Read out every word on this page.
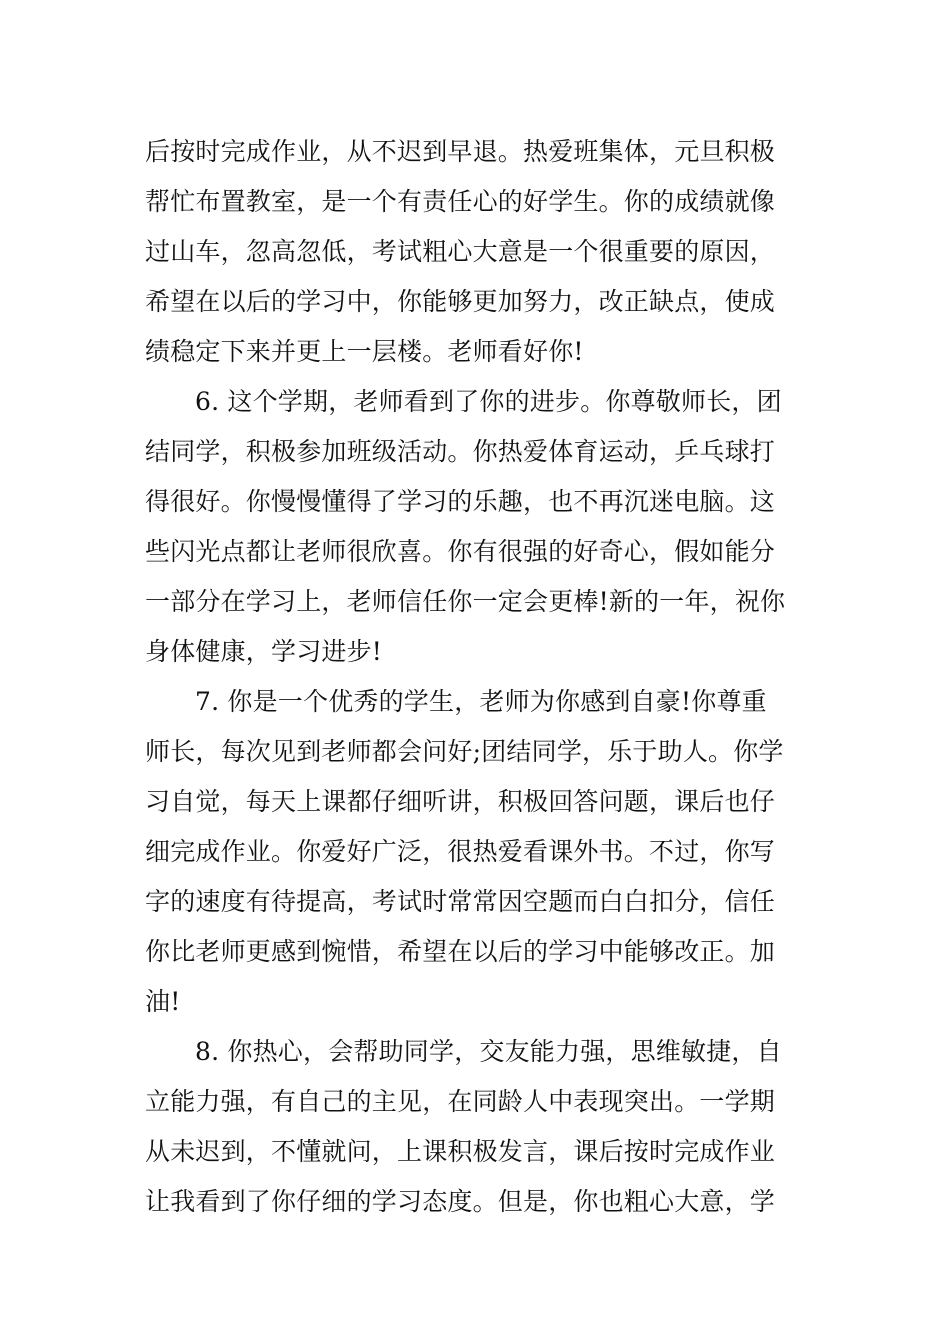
后按时完成作业，从不迟到早退。热爱班集体，元旦积极
帮忙布置教室，是一个有责任心的好学生。你的成绩就像
过山车，忽高忽低，考试粗心大意是一个很重要的原因，
希望在以后的学习中，你能够更加努力，改正缺点，使成
绩稳定下来并更上一层楼。老师看好你!
6. 这个学期，老师看到了你的进步。你尊敬师长，团
结同学，积极参加班级活动。你热爱体育运动，乒乓球打
得很好。你慢慢懂得了学习的乐趣，也不再沉迷电脑。这
些闪光点都让老师很欣喜。你有很强的好奇心，假如能分
一部分在学习上，老师信任你一定会更棒!新的一年，祝你
身体健康，学习进步!
7. 你是一个优秀的学生，老师为你感到自豪!你尊重
师长，每次见到老师都会问好;团结同学，乐于助人。你学
习自觉，每天上课都仔细听讲，积极回答问题，课后也仔
细完成作业。你爱好广泛，很热爱看课外书。不过，你写
字的速度有待提高，考试时常常因空题而白白扣分，信任
你比老师更感到惋惜，希望在以后的学习中能够改正。加
油!
8. 你热心，会帮助同学，交友能力强，思维敏捷，自
立能力强，有自己的主见，在同龄人中表现突出。一学期
从未迟到，不懂就问，上课积极发言，课后按时完成作业
让我看到了你仔细的学习态度。但是，你也粗心大意，学
